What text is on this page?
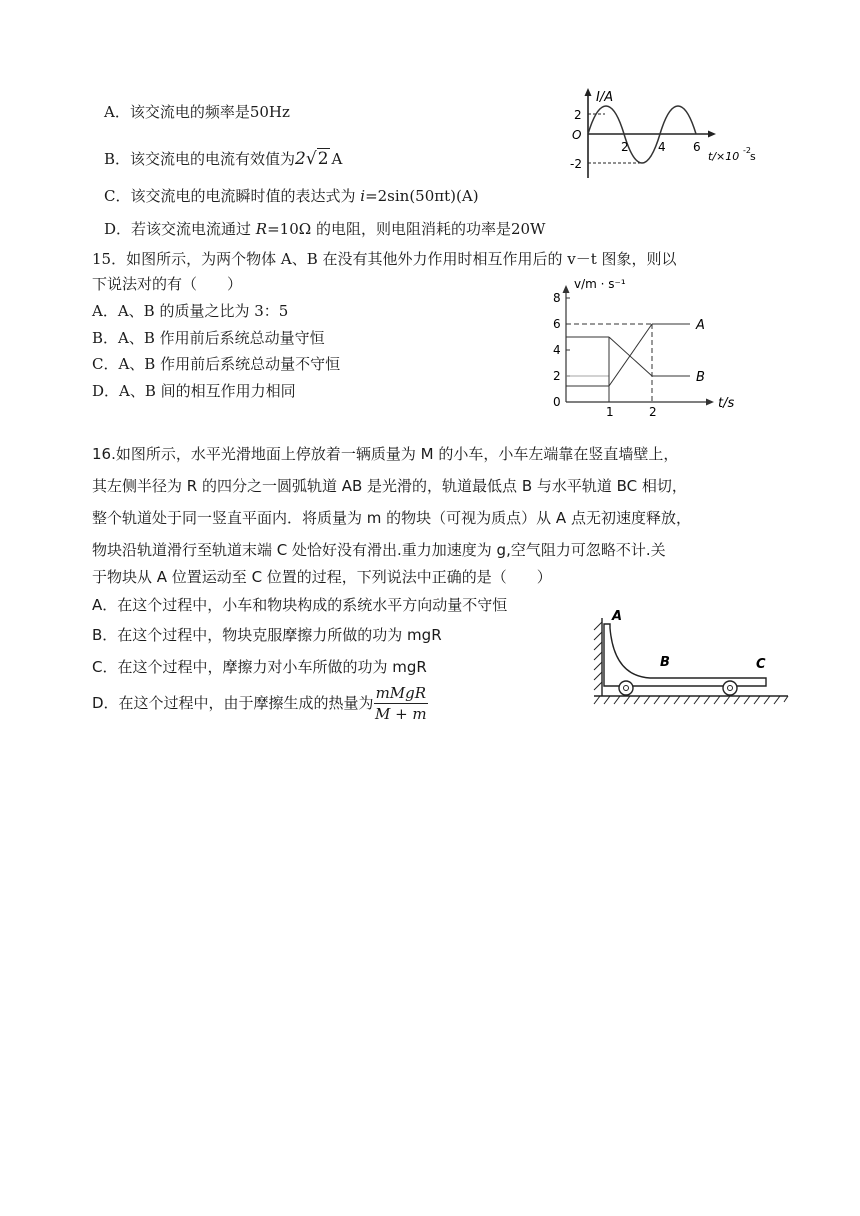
A．该交流电的频率是50Hz
B．该交流电的电流有效值为2√2 A
C．该交流电的电流瞬时值的表达式为 i=2sin(50πt)(A)
D．若该交流电流通过 R=10Ω 的电阻，则电阻消耗的功率是20W
I/A
2
-2
O
2 4 6
t/×10 -2 s
15．如图所示，为两个物体 A、B 在没有其他外力作用时相互作用后的 v－t 图象，则以
下说法对的有（　　）
A．A、B 的质量之比为 3：5
B．A、B 作用前后系统总动量守恒
C．A、B 作用前后系统总动量不守恒
D．A、B 间的相互作用力相同
0
2
4
6
8
v/m · s⁻¹
1	2
t/s
A
B
16.如图所示，水平光滑地面上停放着一辆质量为 M 的小车，小车左端靠在竖直墙壁上，
其左侧半径为 R 的四分之一圆弧轨道 AB 是光滑的，轨道最低点 B 与水平轨道 BC 相切，
整个轨道处于同一竖直平面内．将质量为 m 的物块（可视为质点）从 A 点无初速度释放，
物块沿轨道滑行至轨道末端 C 处恰好没有滑出.重力加速度为 g,空气阻力可忽略不计.关
于物块从 A 位置运动至 C 位置的过程，下列说法中正确的是（　　）
A．在这个过程中，小车和物块构成的系统水平方向动量不守恒
B．在这个过程中，物块克服摩擦力所做的功为 mgR
C．在这个过程中，摩擦力对小车所做的功为 mgR
D．在这个过程中，由于摩擦生成的热量为 $\frac{\text{mMgR}}{M + m}$
A
B	C
